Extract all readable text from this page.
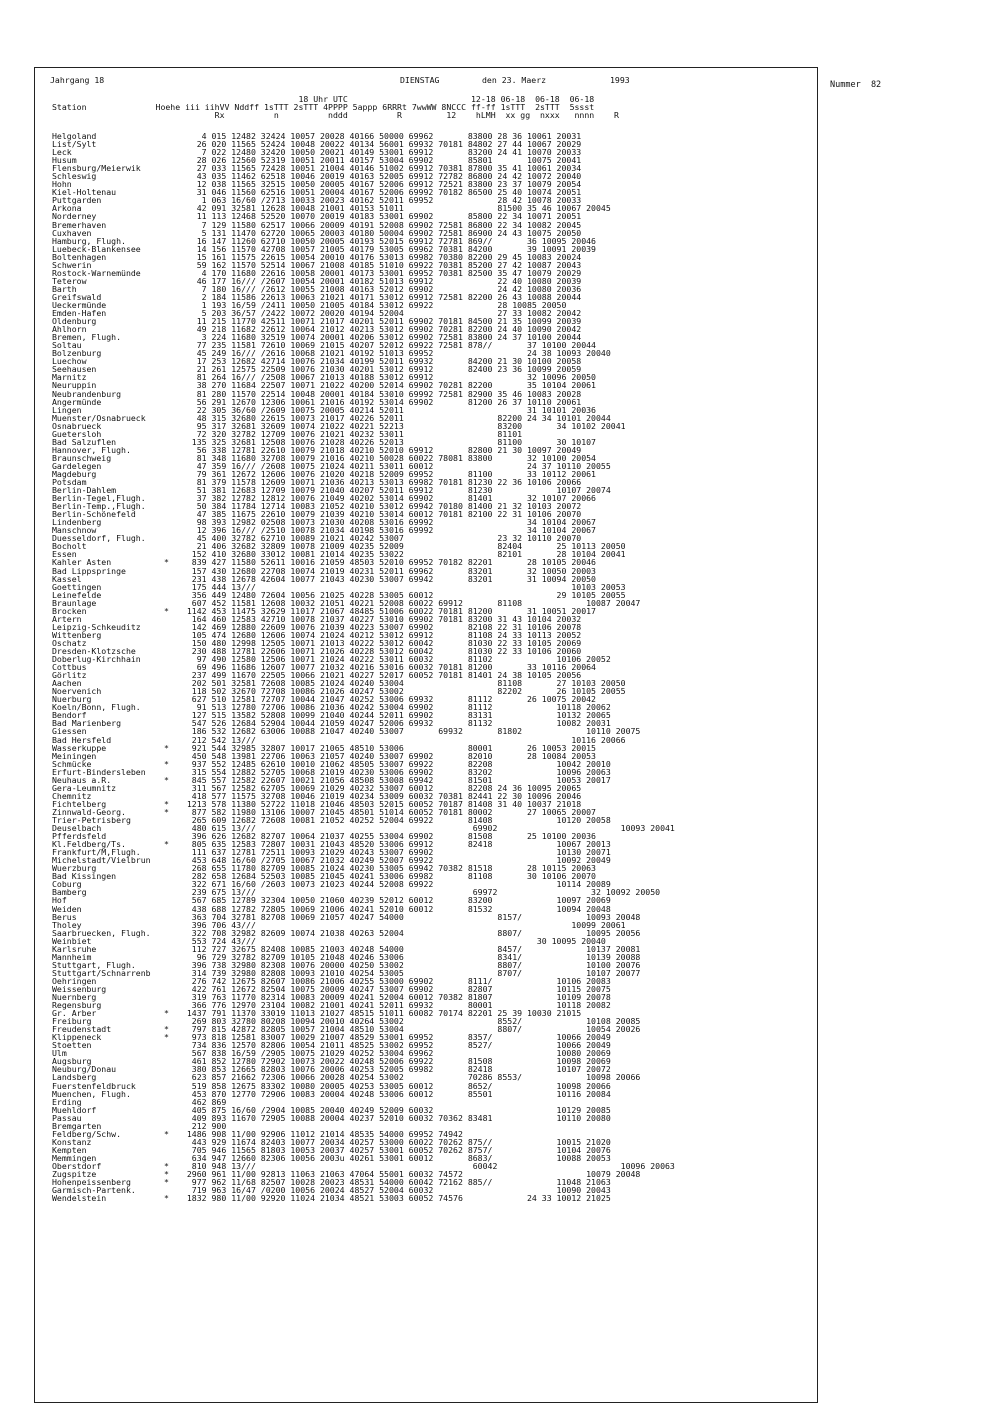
Jahrgang 18	DIENSTAG	den 23. Maerz	1993	Nummer  82
18 Uhr UTC                         12-18 06-18  06-18  06-18
Station              Hoehe iii iihVV Nddff 1sTTT 2sTTT 4PPPP 5appp 6RRRt 7wwWW 8NCCC ff-ff 1sTTT  2sTTT  5ssst
Rx          n          nddd          R         12    hLMH  xx gg  nxxx   nnnn    R
Helgoland	4 015 12482 32424 10057 20028 40166 50000 69962       83800 28 36 10061 20031
List/Sylt	26 020 11565 52424 10048 20022 40134 56001 69932 70181 84802 27 44 10067 20029
Leck	7 022 12480 32420 10050 20021 40149 53001 69912       83200 24 41 10070 20033
Husum	28 026 12560 52319 10051 20011 40157 53004 69902       85801       10075 20041
Flensburg/Meierwik	27 033 11565 72428 10051 21004 40146 51002 69912 70381 87800 35 41 10061 20034
Schleswig	43 035 11462 62518 10046 20019 40163 52005 69912 72782 86800 24 42 10072 20040
Hohn	12 038 11565 32515 10050 20005 40167 52006 69912 72521 83800 23 37 10079 20054
Kiel-Holtenau	31 046 11560 62516 10051 20004 40167 52006 69992 70182 86500 25 40 10074 20051
Puttgarden	1 063 16/60 /2713 10033 20023 40162 52011 69952             28 42 10078 20033
Arkona	42 091 32581 12628 10048 21001 40153 51011                   81500 35 46 10067 20045
Norderney	11 113 12468 52520 10070 20019 40183 53001 69902       85800 22 34 10071 20051
Bremerhaven	7 129 11580 62517 10066 20009 40191 52008 69902 72581 86800 22 34 10082 20045
Cuxhaven	5 131 11470 62720 10065 20003 40180 50004 69902 72581 86900 24 43 10075 20050
Hamburg, Flugh.	16 147 11260 62710 10050 20005 40193 52015 69912 72781 869//       36 10095 20046
Luebeck-Blankensee	14 156 11570 42708 10057 21005 40179 53005 69962 70381 84200       39 10091 20039
Boltenhagen	15 161 11575 22615 10054 20010 40176 53013 69982 70380 82200 29 45 10083 20024
Schwerin	59 162 11570 52514 10067 21008 40185 51010 69922 70381 85200 27 42 10087 20043
Rostock-Warnemünde	4 170 11680 22616 10058 20001 40173 53001 69952 70381 82500 35 47 10079 20029
Teterow	46 177 16/// /2607 10054 20001 40182 51013 69912             22 40 10080 20039
Barth	7 180 16/// /2612 10055 21008 40163 52012 69902             24 42 10080 20036
Greifswald	2 184 11586 22613 10063 21021 40171 53012 69912 72581 82200 26 43 10088 20044
Ueckermünde	1 193 16/59 /2411 10050 21005 40184 53012 69922             28 10085 20050
Emden-Hafen	5 203 36/57 /2422 10072 20020 40194 52004                   27 33 10082 20042
Oldenburg	11 215 11770 42511 10071 21017 40201 52011 69902 70181 84500 21 35 10099 20039
Ahlhorn	49 218 11682 22612 10064 21012 40213 53012 69902 70281 82200 24 40 10090 20042
Bremen, Flugh.	3 224 11680 32519 10074 20001 40206 53012 69902 72581 83800 24 37 10100 20044
Soltau	77 235 11581 72610 10069 21015 40207 52012 69922 72581 878//       37 10100 20044
Bolzenburg	45 249 16/// /2616 10068 21021 40192 51013 69952                   24 38 10093 20040
Luechow	17 253 12682 42714 10076 21034 40199 52011 69932       84200 21 30 10100 20058
Seehausen	21 261 12575 22509 10076 21030 40201 53012 69912       82400 23 36 10099 20059
Marnitz	81 264 16/// /2508 10067 21013 40188 53012 69912                   32 10096 20050
Neuruppin	38 270 11684 22507 10071 21022 40200 52014 69902 70281 82200       35 10104 20061
Neubrandenburg	81 280 11570 22514 10048 20001 40184 53010 69992 72581 82900 35 46 10083 20028
Angermünde	56 291 12670 12306 10061 21016 40192 53014 69902       81200 26 37 10110 20061
Lingen	22 305 36/60 /2609 10075 20005 40214 52011                         31 10101 20036
Muenster/Osnabrueck	48 315 32680 22615 10073 21017 40226 52011                   82200 24 34 10101 20044
Osnabrueck	95 317 32681 32609 10074 21022 40221 52213                   83200       34 10102 20041
Guetersloh	72 320 32782 12709 10076 21021 40232 53011                   81101
Bad Salzuflen	135 325 32681 12508 10076 21028 40226 52013                   81100       30 10107
Hannover, Flugh.	56 338 12781 22610 10079 21018 40210 52010 69912       82800 21 30 10097 20049
Braunschweig	81 348 11680 32708 10079 21016 40210 50028 60022 78081 83800       32 10100 20054
Gardelegen	47 359 16/// /2608 10075 21024 40211 53011 60012                   24 37 10110 20055
Magdeburg	79 361 12672 12606 10076 21020 40218 52009 69952       81100       33 10112 20061
Potsdam	81 379 11578 12609 10071 21036 40213 53013 69982 70181 81230 22 36 10106 20066
Berlin-Dahlem	51 381 12683 12709 10079 21040 40207 52011 69912       81230             10107 20074
Berlin-Tegel,Flugh.	37 382 12782 12812 10076 21049 40202 53014 69902       81401       32 10107 20066
Berlin-Temp.,Flugh.	50 384 11784 12714 10083 21052 40210 53012 69942 70180 81400 21 32 10103 20072
Berlin-Schönefeld	47 385 11675 22610 10079 21039 40210 53014 60012 70181 82100 22 31 10106 20070
Lindenberg	98 393 12982 02508 10073 21030 40208 53016 69992                   34 10104 20067
Manschnow	12 396 16/// /2510 10078 21034 40198 53016 69992                   34 10104 20067
Duesseldorf, Flugh.	45 400 32782 62710 10089 21021 40242 53007                   23 32 10110 20070
Bocholt	21 406 32682 32809 10078 21009 40235 52009                   82404       25 10113 20050
Essen	152 410 32680 33012 10081 21014 40235 53022                   82101       28 10104 20041
Kahler Asten	* 839 427 11580 52611 10016 21059 48503 52010 69952 70182 82201       28 10105 20046
Bad Lippspringe	157 430 12680 22708 10074 21019 40231 52011 69962       83201       32 10050 20003
Kassel	231 438 12678 42604 10077 21043 40230 53007 69942       83201       31 10094 20050
Goettingen	175 444 13///                                                                10103 20053
Leinefelde	356 449 12480 72604 10056 21025 40228 53005 60012                         29 10105 20055
Braunlage	607 452 11581 12608 10032 21051 40221 52008 60022 69912       81108             10087 20047
Brocken	* 1142 453 11475 32629 11017 21067 48485 51006 60022 70181 81200       31 10051 20017
Artern	164 460 12583 42710 10078 21037 40227 53010 69902 70181 83200 31 43 10104 20032
Leipzig-Schkeuditz	142 469 12880 22609 10076 21039 40223 53007 69902       82108 22 31 10106 20078
Wittenberg	105 474 12680 12606 10074 21024 40212 53012 69912       81108 24 33 10113 20052
Oschatz	150 480 12998 12505 10071 21013 40222 53012 60042       81030 22 33 10105 20069
Dresden-Klotzsche	230 488 12781 22606 10071 21026 40228 53012 60042       81030 22 33 10106 20060
Doberlug-Kirchhain	97 490 12580 12506 10071 21024 40222 53011 60032       81102             10106 20052
Cottbus	69 496 11686 12607 10077 21032 40216 53016 60032 70181 81200       33 10116 20064
Görlitz	237 499 11670 22505 10066 21021 40227 52017 60052 70181 81401 24 38 10105 20056
Aachen	202 501 32581 72608 10085 21024 40240 53004                   81108       27 10103 20050
Noervenich	118 502 32670 72708 10086 21026 40247 53002                   82202       26 10105 20055
Nuerburg	627 510 12581 72707 10044 21047 40252 53006 69932       81112       26 10075 20042
Koeln/Bonn, Flugh.	91 513 12780 72706 10086 21036 40242 53004 69902       81112             10118 20062
Bendorf	127 515 13582 52808 10099 21040 40244 52011 69902       83131             10132 20065
Bad Marienberg	547 526 12684 52904 10044 21059 40247 52006 69932       81132             10082 20031
Giessen	186 532 12682 63006 10088 21047 40240 53007       69932       81802             10110 20075
Bad Hersfeld	212 542 13///                                                                10116 20066
Wasserkuppe	* 921 544 32985 32807 10017 21065 48510 53006             80001       26 10053 20015
Meiningen	450 548 13981 22706 10063 21057 40240 53007 69902       82010       28 10084 20053
Schmücke	* 937 552 12485 62610 10010 21062 48505 53007 69922       82208             10042 20010
Erfurt-Bindersleben	315 554 12882 52705 10068 21019 40230 53006 69902       83202             10096 20063
Neuhaus a.R.	* 845 557 12582 22607 10021 21056 48508 53008 69942       81501             10053 20017
Gera-Leumnitz	311 567 12582 62705 10069 21029 40232 53007 60012       82208 24 36 10095 20065
Chemnitz	418 577 11575 32708 10046 21019 40234 53009 60032 70381 82441 22 30 10096 20046
Fichtelberg	* 1213 578 11380 52722 11018 21046 48503 52015 60052 70187 81408 31 40 10037 21018
Zinnwald-Georg.	* 877 582 11980 13106 10007 21045 48501 51014 60052 70181 80002       27 10065 20007
Trier-Petrisberg	265 609 12682 72608 10081 21052 40252 52004 69922       81408             10120 20058
Deuselbach	480 615 13///                                            69902                         10093 20041
Pfferdsfeld	396 626 12682 82707 10064 21037 40255 53004 69902       81508       25 10100 20036
Kl.Feldberg/Ts.	* 805 635 12583 72807 10031 21043 48520 53006 69912       82418             10067 20013
Frankfurt/M,Flugh.	111 637 12781 72511 10093 21029 40243 53007 69902                         10130 20071
Michelstadt/Vielbrun	453 648 16/60 /2705 10067 21032 40249 52007 69922                         10092 20049
Wuerzburg	268 655 11780 82709 10085 21024 40230 53005 69942 70382 81518       28 10115 20063
Bad Kissingen	282 658 12684 52503 10085 21045 40241 53006 69982       81108       30 10106 20070
Coburg	322 671 16/60 /2603 10073 21023 40244 52008 69922                         10114 20089
Bamberg	239 675 13///                                            69972                   32 10092 20050
Hof	567 685 12789 32304 10050 21060 40239 52012 60012       83200             10097 20069
Weiden	438 688 12782 72805 10069 21006 40241 52010 60012       81532             10094 20048
Berus	363 704 32781 82708 10069 21057 40247 54000                   8157/             10093 20048
Tholey	396 706 43///                                                                10099 20061
Saarbruecken, Flugh.	322 708 32982 82609 10074 21038 40263 52004                   8807/             10095 20056
Weinbiet	553 724 43///                                                         30 10095 20040
Karlsruhe	112 727 32675 82408 10085 21003 40248 54000                   8457/             10137 20081
Mannheim	96 729 32782 82709 10105 21048 40246 53006                   8341/             10139 20088
Stuttgart, Flugh.	396 738 32980 82308 10076 20000 40250 53002                   8807/             10100 20076
Stuttgart/Schnarrenb	314 739 32980 82808 10093 21010 40254 53005                   8707/             10107 20077
Oehringen	276 742 12675 82607 10086 21006 40255 53000 69902       8111/             10106 20083
Weissenburg	422 761 12672 82504 10075 20009 40247 53007 69902       82807             10115 20075
Nuernberg	319 763 11770 82314 10083 20009 40241 52004 60012 70382 81807             10109 20078
Regensburg	366 776 12970 23104 10082 21001 40241 52011 69932       80001             10118 20082
Gr. Arber	* 1437 791 11370 33019 11013 21027 48515 51011 60082 70174 82201 25 39 10030 21015
Freiburg	269 803 32780 80208 10094 20010 40264 53002                   8552/             10108 20085
Freudenstadt	* 797 815 42872 82805 10057 21004 48510 53004                   8807/             10054 20026
Klippeneck	* 973 818 12581 83007 10029 21007 48529 53001 69952       8357/             10066 20049
Stoetten	734 836 12570 82806 10054 21011 48525 53002 69952       8527/             10066 20049
Ulm	567 838 16/59 /2905 10075 21029 40252 53004 69962                         10080 20069
Augsburg	461 852 12780 72902 10073 20022 40248 52006 69922       81508             10098 20069
Neuburg/Donau	380 853 12665 82803 10076 20006 40253 52005 69982       82418             10107 20072
Landsberg	623 857 21662 72306 10066 20028 40254 53002             70286 8553/             10098 20066
Fuerstenfeldbruck	519 858 12675 83302 10080 20005 40253 53005 60012       8652/             10098 20066
Muenchen, Flugh.	453 870 12770 72906 10083 20004 40248 53006 60012       85501             10116 20084
Erding	462 869
Muehldorf	405 875 16/60 /2904 10085 20040 40249 52009 60032                         10129 20085
Passau	409 893 11670 72905 10088 20004 40237 52010 60032 70362 83481             10110 20080
Bremgarten	212 900
Feldberg/Schw.	* 1486 908 11/00 92906 11012 21014 48535 54000 69952 74942
Konstanz	443 929 11674 82403 10077 20034 40257 53000 60022 70262 875//             10015 21020
Kempten	705 946 11565 81803 10053 20037 40257 53001 60052 70262 8757/             10104 20076
Memmingen	634 947 12660 82306 10056 2003u 40261 53001 60012       8683/             10088 20053
Oberstdorf	* 810 948 13///                                            60042                         10096 20063
Zugspitze	* 2960 961 11/00 92813 11063 21063 47064 55001 60032 74572                         10079 20048
Hohenpeissenberg	* 977 962 11/68 82507 10028 20023 48531 54000 60042 72162 885//             11048 21063
Garmisch-Partenk.	719 963 16/47 /0200 10056 20024 48527 52004 60032                         10090 20043
Wendelstein	* 1832 980 11/00 92920 11024 21034 48521 53003 60052 74576             24 33 10012 21025
